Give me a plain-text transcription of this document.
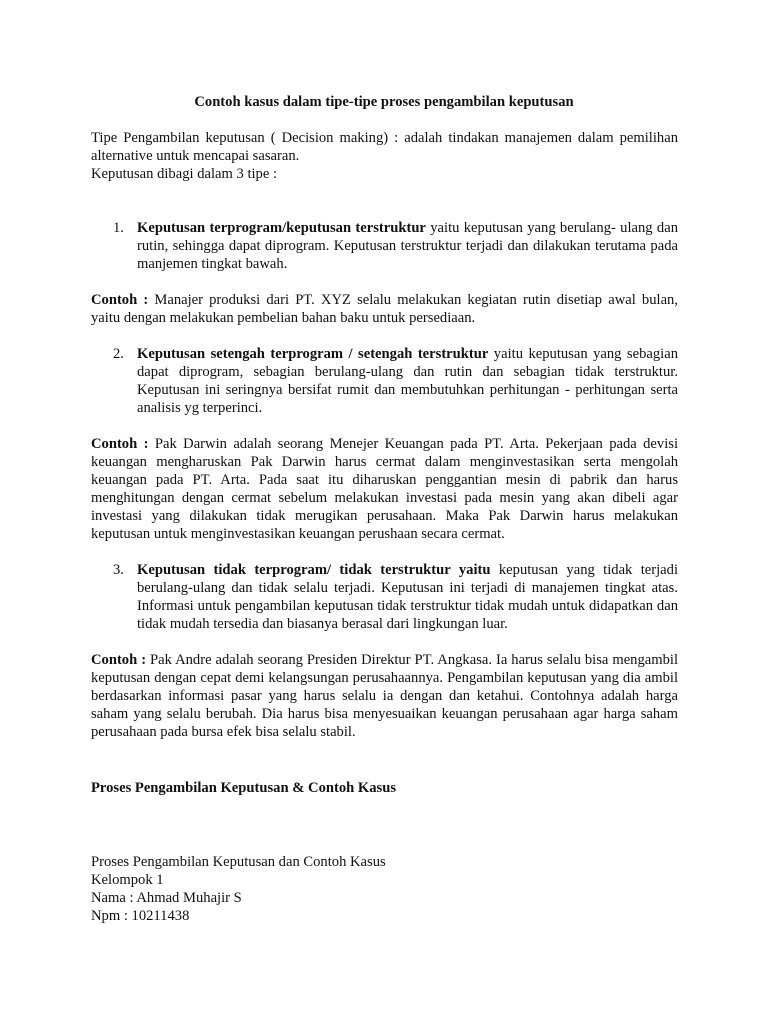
Contoh kasus dalam tipe-tipe proses pengambilan keputusan

Tipe Pengambilan keputusan ( Decision making) : adalah tindakan manajemen dalam pemilihan alternative untuk mencapai sasaran.

Keputusan dibagi dalam 3 tipe :

1. Keputusan terprogram/keputusan terstruktur yaitu keputusan yang berulang- ulang dan rutin, sehingga dapat diprogram. Keputusan terstruktur terjadi dan dilakukan terutama pada manjemen tingkat bawah.

Contoh : Manajer produksi dari PT. XYZ selalu melakukan kegiatan rutin disetiap awal bulan, yaitu dengan melakukan pembelian bahan baku untuk persediaan.

2. Keputusan setengah terprogram / setengah terstruktur yaitu keputusan yang sebagian dapat diprogram, sebagian berulang-ulang dan rutin dan sebagian tidak terstruktur. Keputusan ini seringnya bersifat rumit dan membutuhkan perhitungan - perhitungan serta analisis yg terperinci.

Contoh : Pak Darwin adalah seorang Menejer Keuangan pada PT. Arta. Pekerjaan pada devisi keuangan mengharuskan Pak Darwin harus cermat dalam menginvestasikan serta mengolah keuangan pada PT. Arta. Pada saat itu diharuskan penggantian mesin di pabrik dan harus menghitungan dengan cermat sebelum melakukan investasi pada mesin yang akan dibeli agar investasi yang dilakukan tidak merugikan perusahaan. Maka Pak Darwin harus melakukan keputusan untuk menginvestasikan keuangan perushaan secara cermat.

3. Keputusan tidak terprogram/ tidak terstruktur yaitu keputusan yang tidak terjadi berulang-ulang dan tidak selalu terjadi. Keputusan ini terjadi di manajemen tingkat atas. Informasi untuk pengambilan keputusan tidak terstruktur tidak mudah untuk didapatkan dan tidak mudah tersedia dan biasanya berasal dari lingkungan luar.

Contoh : Pak Andre adalah seorang Presiden Direktur PT. Angkasa. Ia harus selalu bisa mengambil keputusan dengan cepat demi kelangsungan perusahaannya. Pengambilan keputusan yang dia ambil berdasarkan informasi pasar yang harus selalu ia dengan dan ketahui. Contohnya adalah harga saham yang selalu berubah. Dia harus bisa menyesuaikan keuangan perusahaan agar harga saham perusahaan pada bursa efek bisa selalu stabil.

Proses Pengambilan Keputusan & Contoh Kasus

Proses Pengambilan Keputusan dan Contoh Kasus

Kelompok 1

Nama : Ahmad Muhajir S

Npm : 10211438
